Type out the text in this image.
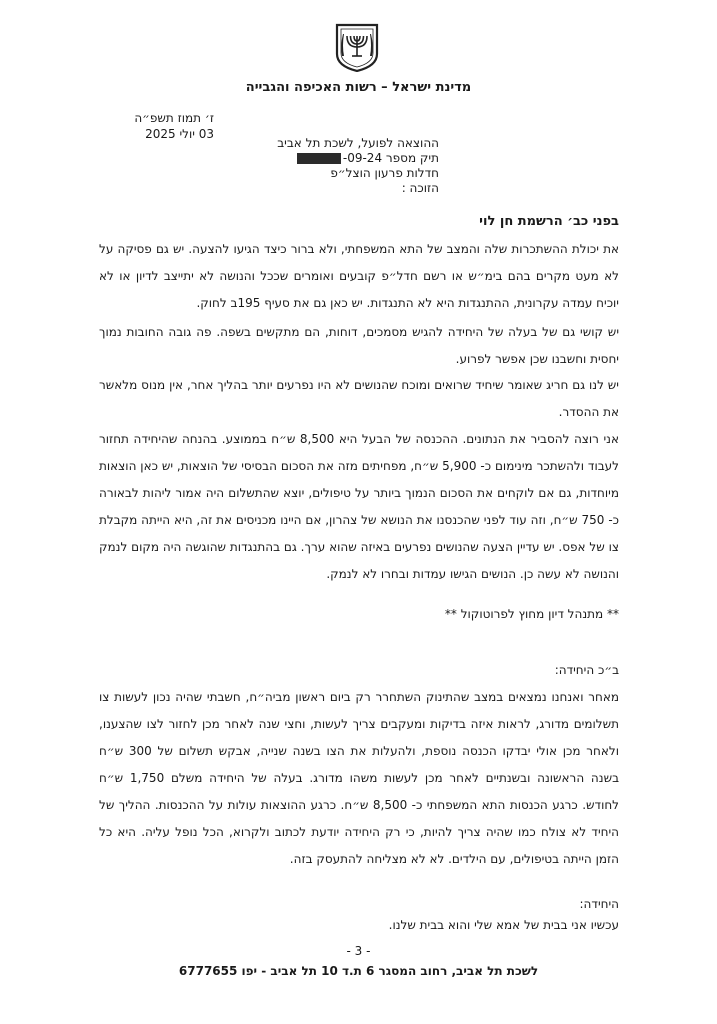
מדינת ישראל – רשות האכיפה והגבייה
ז׳ תמוז תשפ״ה
03 יולי 2025
ההוצאה לפועל, לשכת תל אביב
תיק מספר 09-24-
חדלות פרעון הוצל״פ
הזוכה :
בפני כב׳ הרשמת חן לוי

את יכולת ההשתכרות שלה והמצב של התא המשפחתי, ולא ברור כיצד הגיעו להצעה. יש גם פסיקה על לא מעט מקרים בהם בימ״ש או רשם חדל״פ קובעים ואומרים שככל והנושה לא יתייצב לדיון או לא יוכיח עמדה עקרונית, ההתנגדות היא לא התנגדות. יש כאן גם את סעיף 195ב לחוק.

יש קושי גם של בעלה של היחידה להגיש מסמכים, דוחות, הם מתקשים בשפה. פה גובה החובות נמוך יחסית וחשבנו שכן אפשר לפרוע.

יש לנו גם חריג שאומר שיחיד שרואים ומוכח שהנושים לא היו נפרעים יותר בהליך אחר, אין מנוס מלאשר את ההסדר.

אני רוצה להסביר את הנתונים. ההכנסה של הבעל היא 8,500 ש״ח בממוצע. בהנחה שהיחידה תחזור לעבוד ולהשתכר מינימום כ- 5,900 ש״ח, מפחיתים מזה את הסכום הבסיסי של הוצאות, יש כאן הוצאות מיוחדות, גם אם לוקחים את הסכום הנמוך ביותר על טיפולים, יוצא שהתשלום היה אמור ליהות לבאורה כ- 750 ש״ח, וזה עוד לפני שהכנסנו את הנושא של צהרון, אם היינו מכניסים את זה, היא הייתה מקבלת צו של אפס. יש עדיין הצעה שהנושים נפרעים באיזה שהוא ערך. גם בהתנגדות שהוגשה היה מקום לנמק והנושה לא עשה כן. הנושים הגישו עמדות ובחרו לא לנמק.

** מתנהל דיון מחוץ לפרוטוקול **
ב״כ היחידה:

מאחר ואנחנו נמצאים במצב שהתינוק השתחרר רק ביום ראשון מביה״ח, חשבתי שהיה נכון לעשות צו תשלומים מדורג, לראות איזה בדיקות ומעקבים צריך לעשות, וחצי שנה לאחר מכן לחזור לצו שהצענו, ולאחר מכן אולי יבדקו הכנסה נוספת, ולהעלות את הצו בשנה שנייה, אבקש תשלום של 300 ש״ח בשנה הראשונה ובשנתיים לאחר מכן לעשות משהו מדורג. בעלה של היחידה משלם 1,750 ש״ח לחודש. כרגע הכנסות התא המשפחתי כ- 8,500 ש״ח. כרגע ההוצאות עולות על ההכנסות. ההליך של היחיד לא צולח כמו שהיה צריך להיות, כי רק היחידה יודעת לכתוב ולקרוא, הכל נופל עליה. היא כל הזמן הייתה בטיפולים, עם הילדים. לא לא מצליחה להתעסק בזה.

היחידה:
עכשיו אני בבית של אמא שלי והוא בבית שלנו.
- 3 -
לשכת תל אביב, רחוב המסגר 6 ת.ד 10 תל אביב - יפו 6777655
